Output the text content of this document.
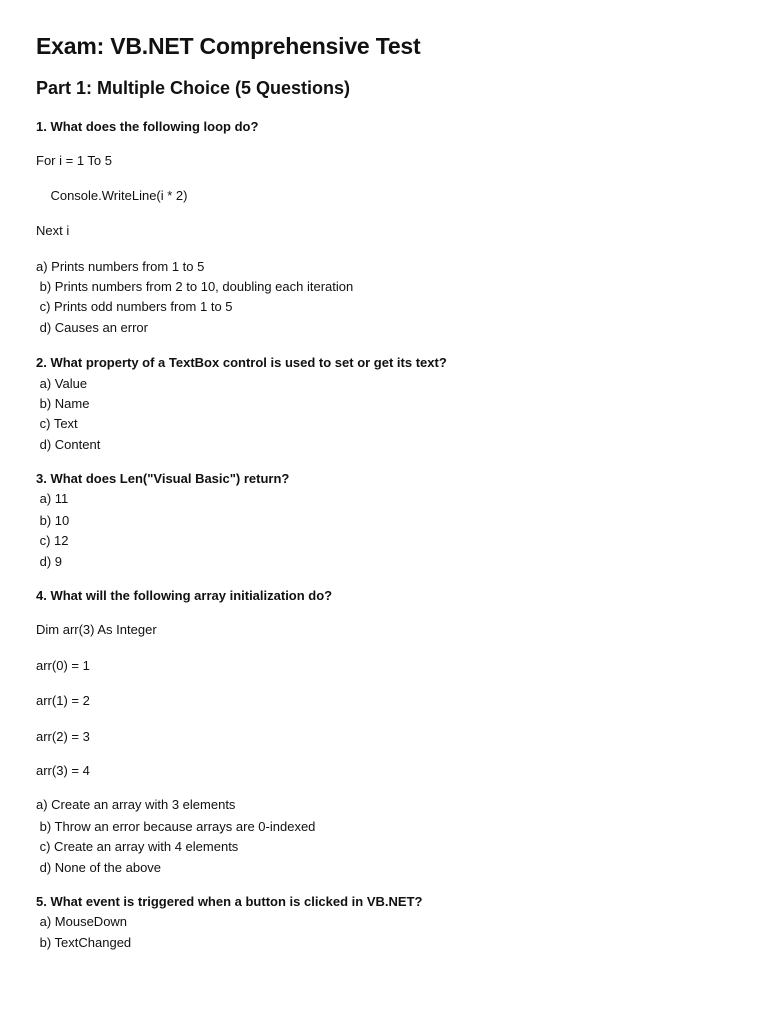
Exam: VB.NET Comprehensive Test
Part 1: Multiple Choice (5 Questions)
1. What does the following loop do?
For i = 1 To 5
Console.WriteLine(i * 2)
Next i
a) Prints numbers from 1 to 5
b) Prints numbers from 2 to 10, doubling each iteration
c) Prints odd numbers from 1 to 5
d) Causes an error
2. What property of a TextBox control is used to set or get its text?
a) Value
b) Name
c) Text
d) Content
3. What does Len("Visual Basic") return?
a) 11
b) 10
c) 12
d) 9
4. What will the following array initialization do?
Dim arr(3) As Integer
arr(0) = 1
arr(1) = 2
arr(2) = 3
arr(3) = 4
a) Create an array with 3 elements
b) Throw an error because arrays are 0-indexed
c) Create an array with 4 elements
d) None of the above
5. What event is triggered when a button is clicked in VB.NET?
a) MouseDown
b) TextChanged
